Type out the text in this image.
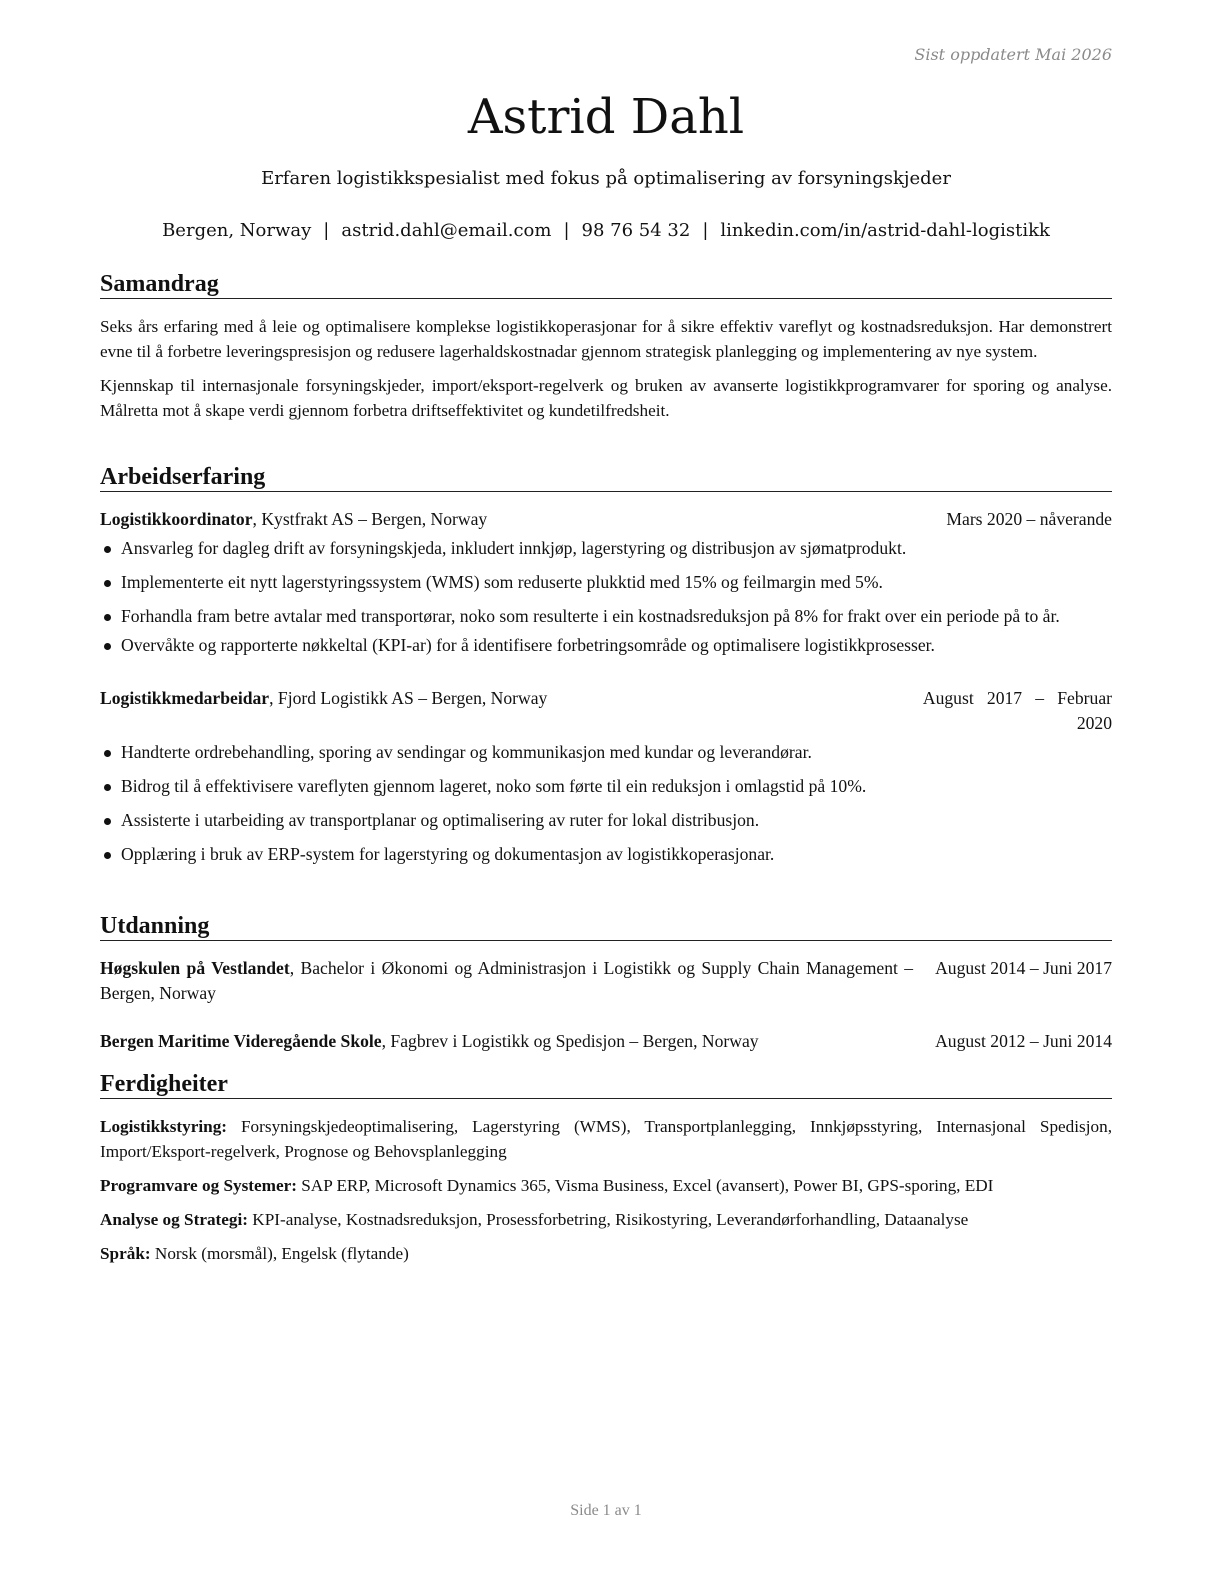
Sist oppdatert Mai 2026
Astrid Dahl
Erfaren logistikkspesialist med fokus på optimalisering av forsyningskjeder
Bergen, Norway | astrid.dahl@email.com | 98 76 54 32 | linkedin.com/in/astrid-dahl-logistikk
Samandrag

Seks års erfaring med å leie og optimalisere komplekse logistikkoperasjonar for å sikre effektiv vareflyt og kostnadsreduksjon. Har demonstrert evne til å forbetre leveringspresisjon og redusere lagerhaldskostnadar gjennom strategisk planlegging og implementering av nye system.

Kjennskap til internasjonale forsyningskjeder, import/eksport-regelverk og bruken av avanserte logistikkprogramvarer for sporing og analyse. Målretta mot å skape verdi gjennom forbetra driftseffektivitet og kundetilfredsheit.

Arbeidserfaring
Logistikkoordinator, Kystfrakt AS – Bergen, Norway	Mars 2020 – nåverande
Ansvarleg for dagleg drift av forsyningskjeda, inkludert innkjøp, lagerstyring og distribusjon av sjømatprodukt.
Implementerte eit nytt lagerstyringssystem (WMS) som reduserte plukktid med 15% og feilmargin med 5%.
Forhandla fram betre avtalar med transportørar, noko som resulterte i ein kostnadsreduksjon på 8% for frakt over ein periode på to år.
Overvåkte og rapporterte nøkkeltal (KPI-ar) for å identifisere forbetringsområde og optimalisere logistikkprosesser.
Logistikkmedarbeidar, Fjord Logistikk AS – Bergen, Norway	August   2017   –   Februar
2020
Handterte ordrebehandling, sporing av sendingar og kommunikasjon med kundar og leverandørar.
Bidrog til å effektivisere vareflyten gjennom lageret, noko som førte til ein reduksjon i omlagstid på 10%.
Assisterte i utarbeiding av transportplanar og optimalisering av ruter for lokal distribusjon.
Opplæring i bruk av ERP-system for lagerstyring og dokumentasjon av logistikkoperasjonar.
Utdanning
Høgskulen på Vestlandet, Bachelor i Økonomi og Administrasjon i Logistikk og Supply Chain Management – Bergen, Norway
August 2014 – Juni 2017
Bergen Maritime Videregående Skole, Fagbrev i Logistikk og Spedisjon – Bergen, Norway	August 2012 – Juni 2014
Ferdigheiter

Logistikkstyring: Forsyningskjedeoptimalisering, Lagerstyring (WMS), Transportplanlegging, Innkjøpsstyring, Internasjonal Spedisjon, Import/Eksport-regelverk, Prognose og Behovsplanlegging

Programvare og Systemer: SAP ERP, Microsoft Dynamics 365, Visma Business, Excel (avansert), Power BI, GPS-sporing, EDI

Analyse og Strategi: KPI-analyse, Kostnadsreduksjon, Prosessforbetring, Risikostyring, Leverandørforhandling, Dataanalyse

Språk: Norsk (morsmål), Engelsk (flytande)

Side 1 av 1
